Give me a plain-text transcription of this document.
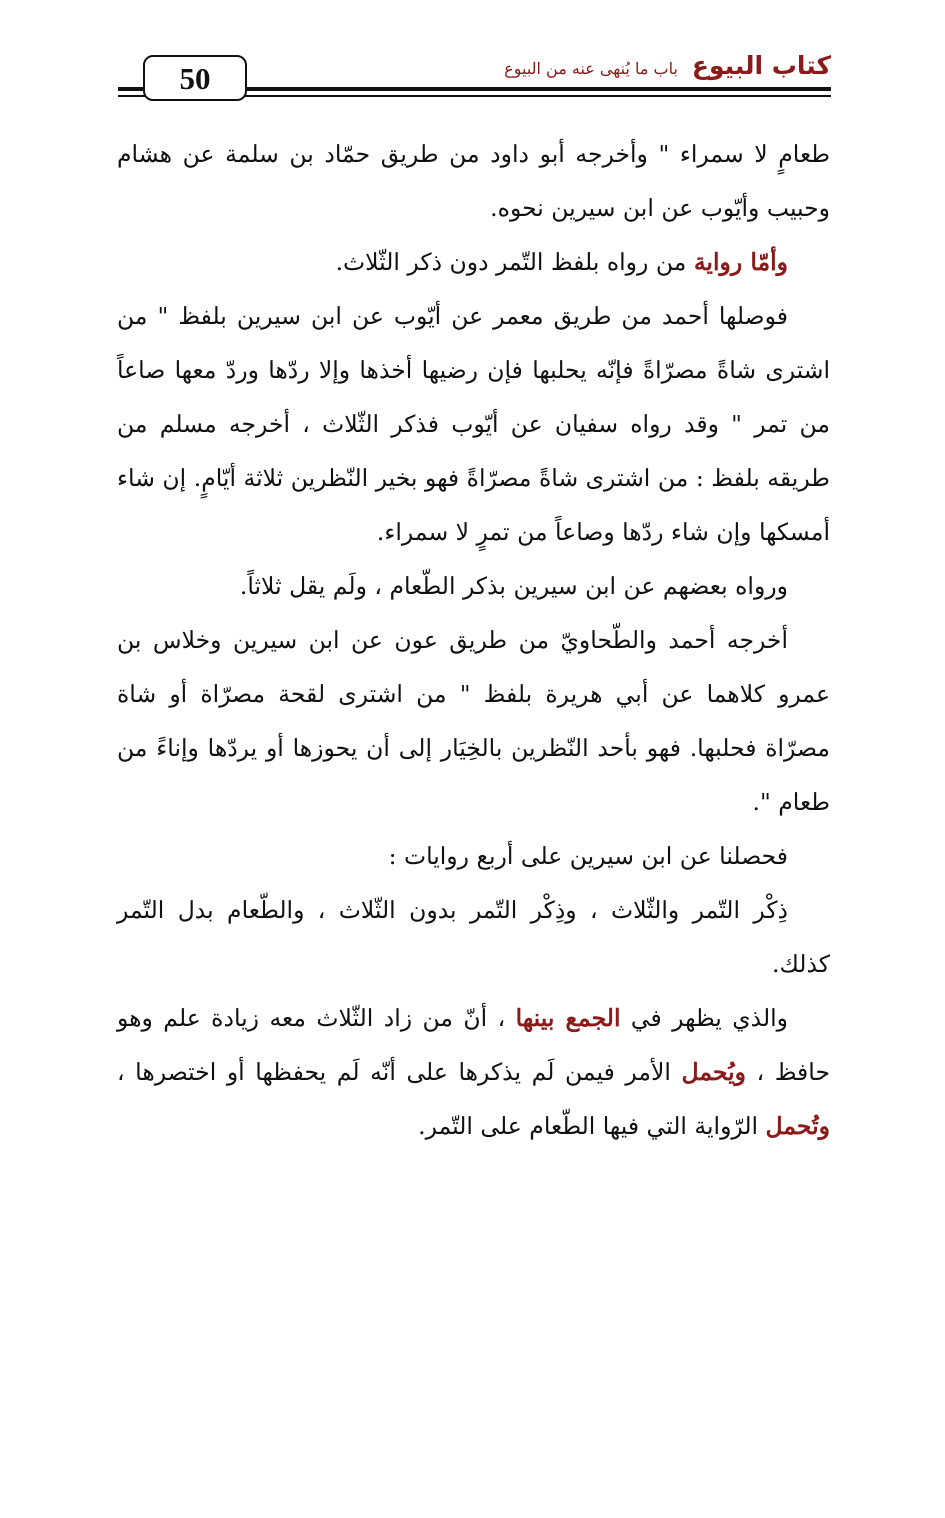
50	كتاب البيوع
باب ما يُنهى عنه من البيوع

طعامٍ لا سمراء " وأخرجه أبو داود من طريق حمّاد بن سلمة عن هشام وحبيب وأيّوب عن ابن سيرين نحوه.

وأمّا رواية من رواه بلفظ التّمر دون ذكر الثّلاث.

فوصلها أحمد من طريق معمر عن أيّوب عن ابن سيرين بلفظ " من اشترى شاةً مصرّاةً فإنّه يحلبها فإن رضيها أخذها وإلا ردّها وردّ معها صاعاً من تمر " وقد رواه سفيان عن أيّوب فذكر الثّلاث ، أخرجه مسلم من طريقه بلفظ : من اشترى شاةً مصرّاةً فهو بخير النّظرين ثلاثة أيّامٍ. إن شاء أمسكها وإن شاء ردّها وصاعاً من تمرٍ لا سمراء.

ورواه بعضهم عن ابن سيرين بذكر الطّعام ، ولَم يقل ثلاثاً.

أخرجه أحمد والطّحاويّ من طريق عون عن ابن سيرين وخلاس بن عمرو كلاهما عن أبي هريرة بلفظ " من اشترى لقحة مصرّاة أو شاة مصرّاة فحلبها. فهو بأحد النّظرين بالخِيَار إلى أن يحوزها أو يردّها وإناءً من طعام ".

فحصلنا عن ابن سيرين على أربع روايات :

ذِكْر التّمر والثّلاث ، وذِكْر التّمر بدون الثّلاث ، والطّعام بدل التّمر كذلك.

والذي يظهر في الجمع بينها ، أنّ من زاد الثّلاث معه زيادة علم وهو حافظ ، ويُحمل الأمر فيمن لَم يذكرها على أنّه لَم يحفظها أو اختصرها ، وتُحمل الرّواية التي فيها الطّعام على التّمر.
